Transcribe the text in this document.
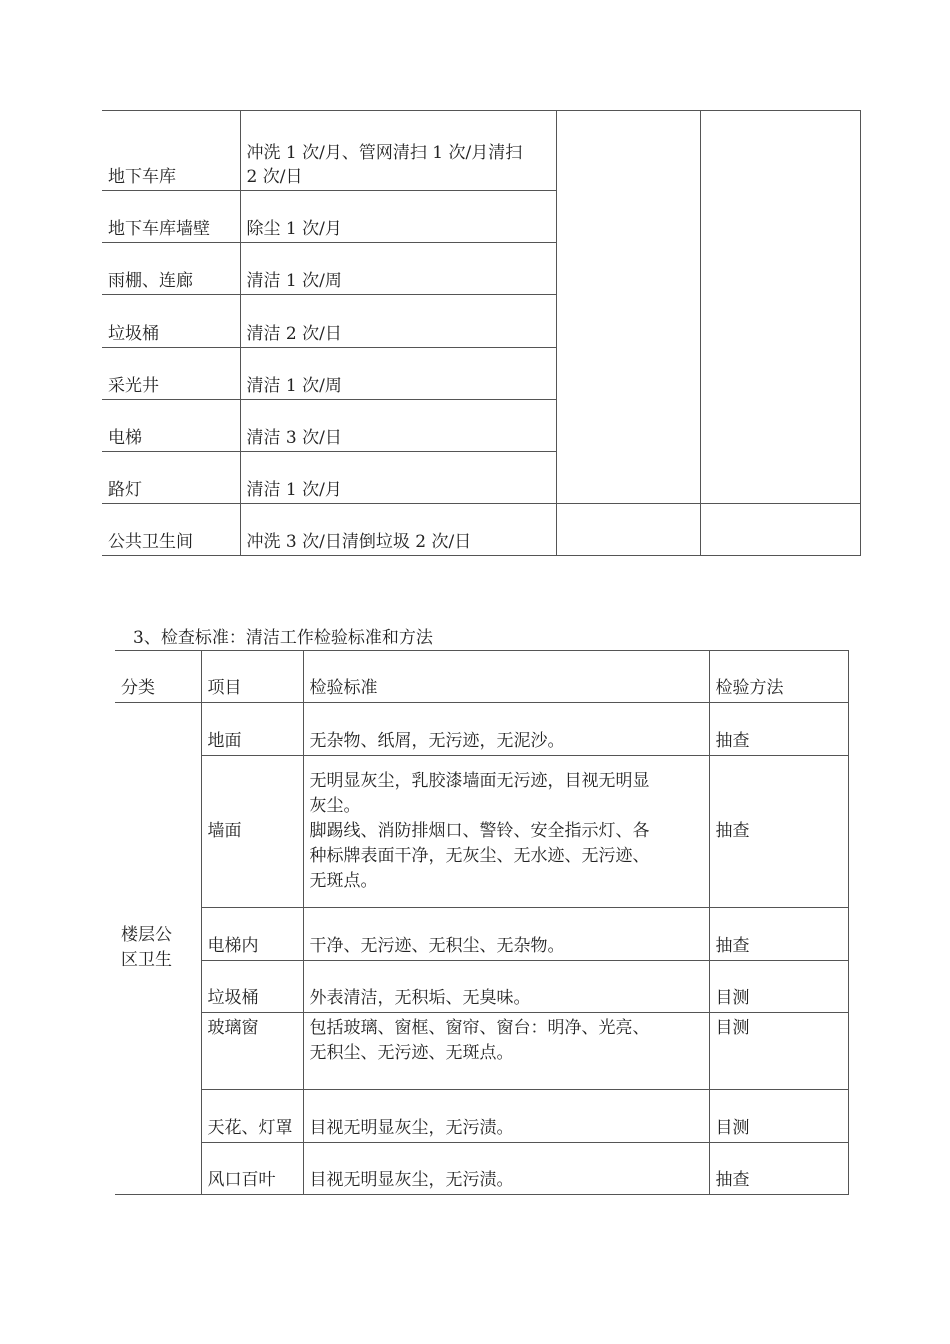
地下车库	冲洗 1 次/月、管网清扫 1 次/月清扫
2 次/日		

地下车库墙壁	除尘 1 次/月		
雨棚、连廊	清洁 1 次/周		
垃圾桶	清洁 2 次/日		
采光井	清洁 1 次/周		
电梯	清洁 3 次/日		
路灯	清洁 1 次/月		
公共卫生间	冲洗 3 次/日清倒垃圾 2 次/日		
3、检查标准：清洁工作检验标准和方法
分类	项目	检验标准	检验方法

楼层公区卫生	地面	无杂物、纸屑，无污迹，无泥沙。	抽查
	墙面	无明显灰尘，乳胶漆墙面无污迹，目视无明显
灰尘。
脚踢线、消防排烟口、警铃、安全指示灯、各
种标牌表面干净，无灰尘、无水迹、无污迹、
无斑点。	抽查
	电梯内	干净、无污迹、无积尘、无杂物。	抽查
	垃圾桶	外表清洁，无积垢、无臭味。	目测
	玻璃窗	包括玻璃、窗框、窗帘、窗台：明净、光亮、
无积尘、无污迹、无斑点。	目测
	天花、灯罩	目视无明显灰尘，无污渍。	目测
	风口百叶	目视无明显灰尘，无污渍。	抽查
